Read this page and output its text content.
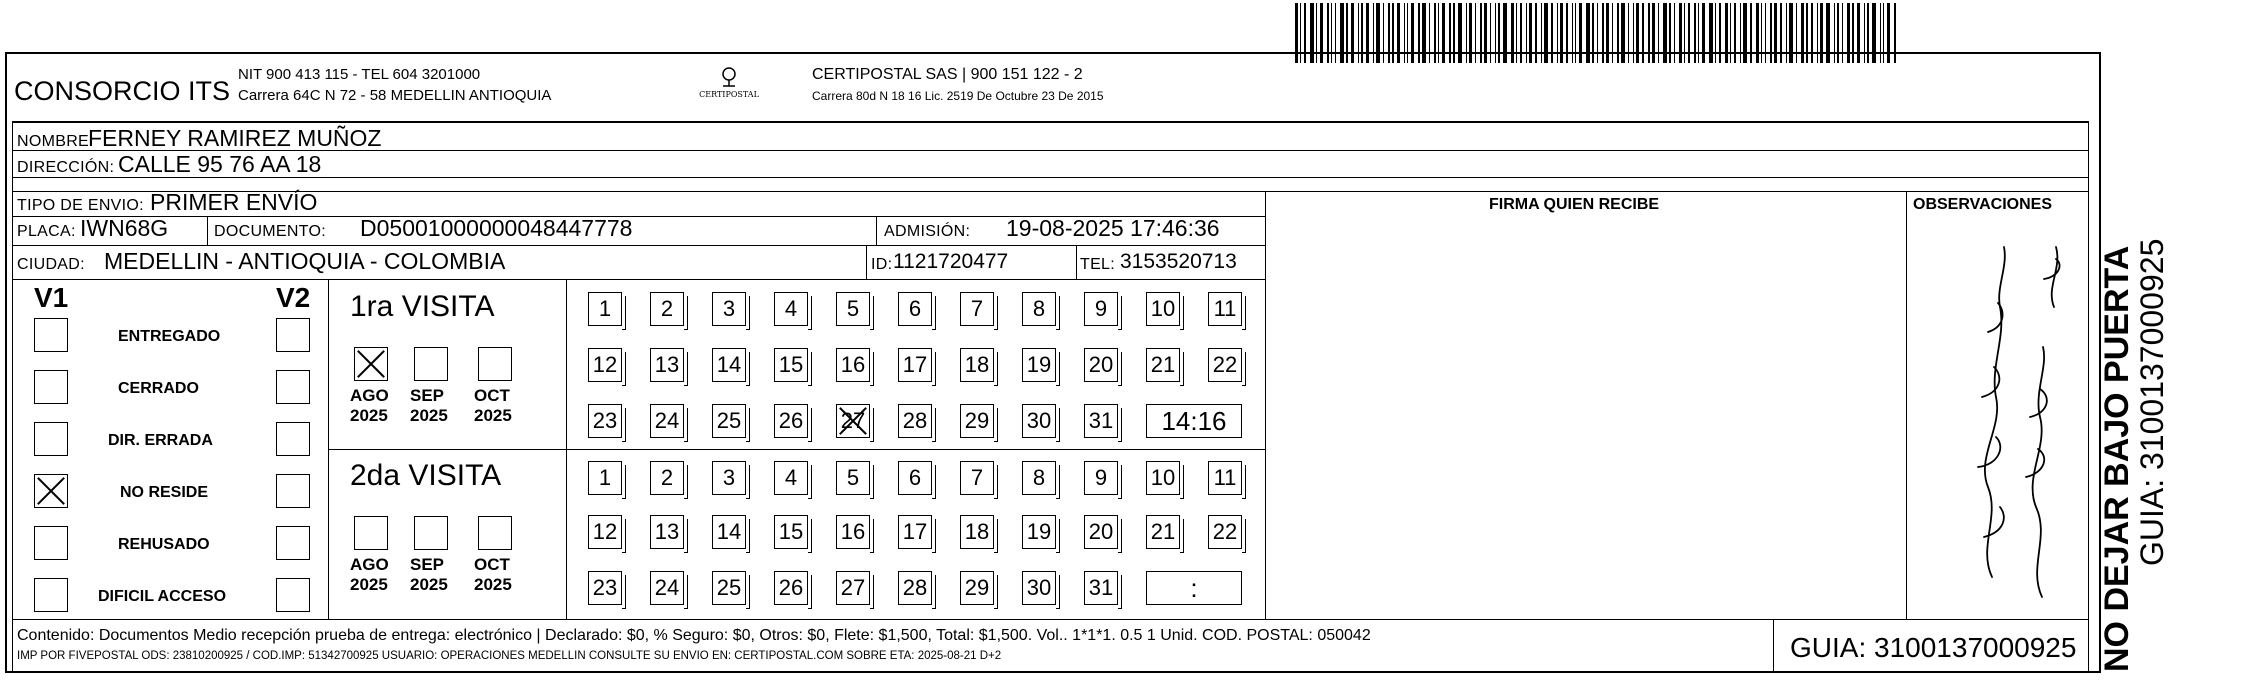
CONSORCIO ITS
NIT 900 413 115 - TEL 604 3201000
Carrera 64C N 72 - 58 MEDELLIN ANTIOQUIA	CERTIPOSTAL
CERTIPOSTAL SAS | 900 151 122 - 2
Carrera 80d N 18 16 Lic. 2519 De Octubre 23 De 2015
NOMBRE:
FERNEY RAMIREZ MUÑOZ
DIRECCIÓN: CALLE 95 76 AA 18
TIPO DE ENVIO: PRIMER ENVÍO
PLACA: IWN68G	DOCUMENTO: D05001000000048447778	ADMISIÓN: 19-08-2025 17:46:36
CIUDAD: MEDELLIN - ANTIOQUIA - COLOMBIA	ID: 1121720477	TEL: 3153520713
FIRMA QUIEN RECIBE	OBSERVACIONES
NO DEJAR BAJO PUERTA
GUIA: 3100137000925
V1	V2
ENTREGADO
CERRADO
DIR. ERRADA
NO RESIDE
REHUSADO
DIFICIL ACCESO
1ra VISITA
AGO
2025
SEP
2025
OCT
2025
1	2	3	4	5	6	7	8	9	10 11
12 13 14 15 16 17 18 19 20 21 22
23 24 25 26 27 28 29 30 31	14:16
2da VISITA
AGO
2025
SEP
2025
OCT
2025
1	2	3	4	5	6	7	8	9	10 11
12 13 14 15 16 17 18 19 20 21 22
23 24 25 26 27 28 29 30 31	:
Contenido: Documentos Medio recepción prueba de entrega: electrónico | Declarado: $0, % Seguro: $0, Otros: $0, Flete: $1,500, Total: $1,500. Vol.. 1*1*1. 0.5 1 Unid. COD. POSTAL: 050042
IMP POR FIVEPOSTAL ODS: 23810200925 / COD.IMP: 51342700925 USUARIO: OPERACIONES MEDELLIN CONSULTE SU ENVIO EN: CERTIPOSTAL.COM SOBRE ETA: 2025-08-21 D+2	GUIA: 3100137000925
